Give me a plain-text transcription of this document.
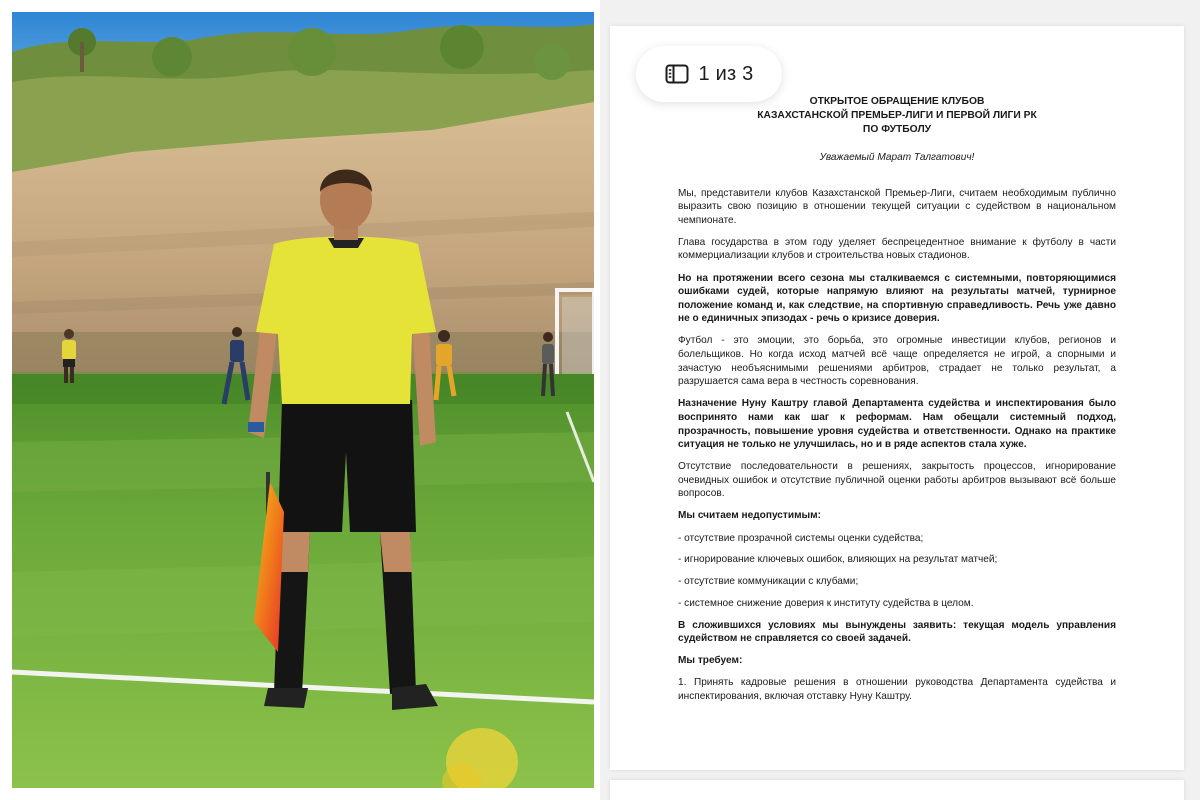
ОТКРЫТОЕ ОБРАЩЕНИЕ КЛУБОВ
КАЗАХСТАНСКОЙ ПРЕМЬЕР-ЛИГИ И ПЕРВОЙ ЛИГИ РК
ПО ФУТБОЛУ
Уважаемый Марат Талгатович!

Мы, представители клубов Казахстанской Премьер-Лиги, считаем необходимым публично выразить свою позицию в отношении текущей ситуации с судейством в национальном чемпионате.

Глава государства в этом году уделяет беспрецедентное внимание к футболу в части коммерциализации клубов и строительства новых стадионов.

Но на протяжении всего сезона мы сталкиваемся с системными, повторяющимися ошибками судей, которые напрямую влияют на результаты матчей, турнирное положение команд и, как следствие, на спортивную справедливость. Речь уже давно не о единичных эпизодах - речь о кризисе доверия.

Футбол - это эмоции, это борьба, это огромные инвестиции клубов, регионов и болельщиков. Но когда исход матчей всё чаще определяется не игрой, а спорными и зачастую необъяснимыми решениями арбитров, страдает не только результат, а разрушается сама вера в честность соревнования.

Назначение Нуну Каштру главой Департамента судейства и инспектирования было воспринято нами как шаг к реформам. Нам обещали системный подход, прозрачность, повышение уровня судейства и ответственности. Однако на практике ситуация не только не улучшилась, но и в ряде аспектов стала хуже.

Отсутствие последовательности в решениях, закрытость процессов, игнорирование очевидных ошибок и отсутствие публичной оценки работы арбитров вызывают всё больше вопросов.

Мы считаем недопустимым:

- отсутствие прозрачной системы оценки судейства;

- игнорирование ключевых ошибок, влияющих на результат матчей;

- отсутствие коммуникации с клубами;

- системное снижение доверия к институту судейства в целом.

В сложившихся условиях мы вынуждены заявить: текущая модель управления судейством не справляется со своей задачей.

Мы требуем:

1. Принять кадровые решения в отношении руководства Департамента судейства и инспектирования, включая отставку Нуну Каштру.

1 из 3
